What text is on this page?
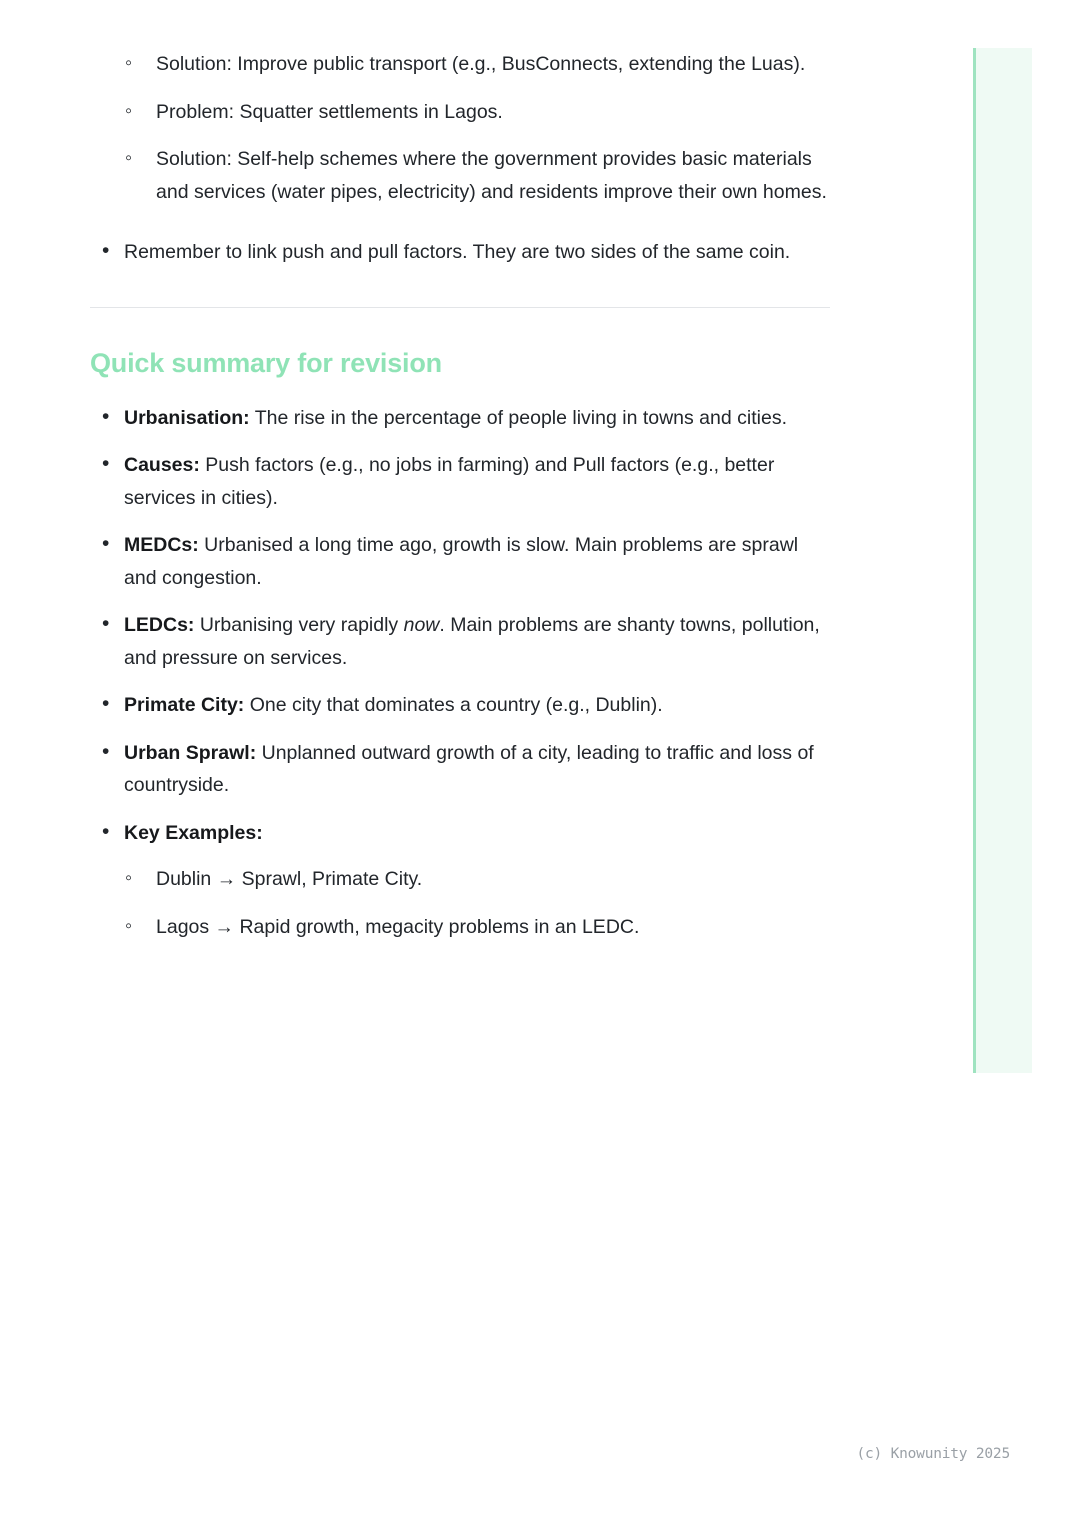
◦ Solution: Improve public transport (e.g., BusConnects, extending the Luas).
◦ Problem: Squatter settlements in Lagos.
◦ Solution: Self-help schemes where the government provides basic materials and services (water pipes, electricity) and residents improve their own homes.
• Remember to link push and pull factors. They are two sides of the same coin.
Quick summary for revision
• Urbanisation: The rise in the percentage of people living in towns and cities.
• Causes: Push factors (e.g., no jobs in farming) and Pull factors (e.g., better services in cities).
• MEDCs: Urbanised a long time ago, growth is slow. Main problems are sprawl and congestion.
• LEDCs: Urbanising very rapidly now. Main problems are shanty towns, pollution, and pressure on services.
• Primate City: One city that dominates a country (e.g., Dublin).
• Urban Sprawl: Unplanned outward growth of a city, leading to traffic and loss of countryside.
• Key Examples:
◦ Dublin → Sprawl, Primate City.
◦ Lagos → Rapid growth, megacity problems in an LEDC.
(c) Knowunity 2025
